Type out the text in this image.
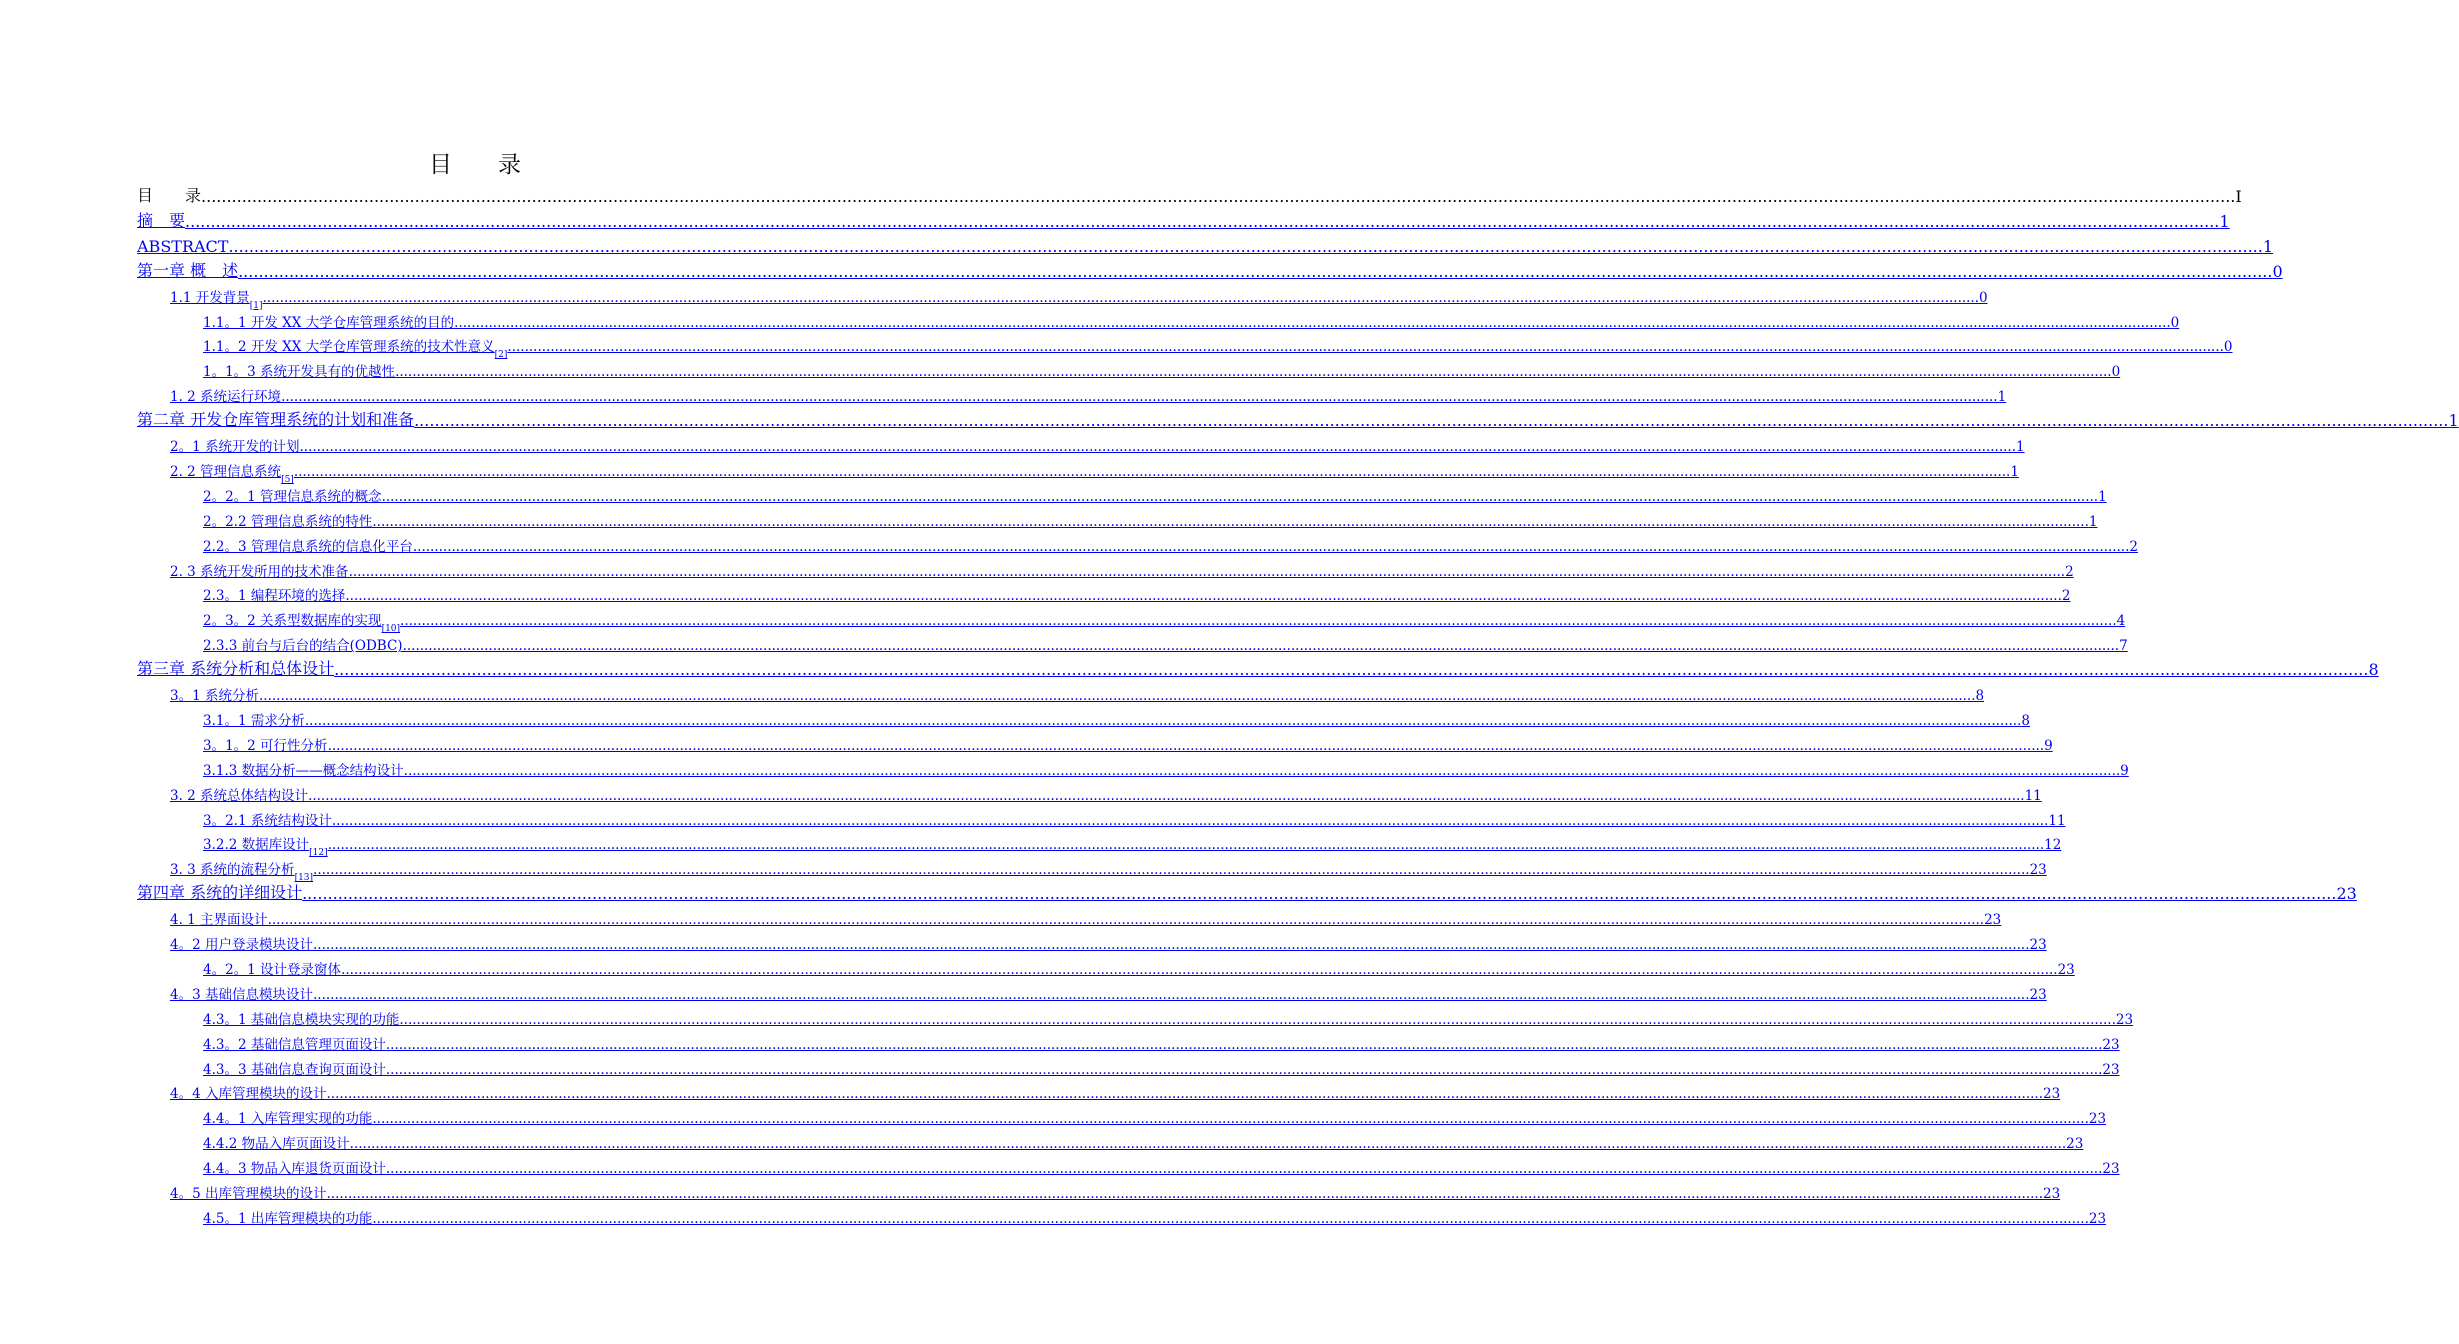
目　　录
目　　录 ................................................................................................................................................................................................................................................................................................................................................................................................................ I
摘　要 ................................................................................................................................................................................................................................................................................................................................................................................................................ 1
ABSTRACT ................................................................................................................................................................................................................................................................................................................................................................................................................ 1
第一章 概　述 ................................................................................................................................................................................................................................................................................................................................................................................................................ 0
1.1 开发背景 [1] ................................................................................................................................................................................................................................................................................................................................................................................................................ 0
1.1。1 开发 XX 大学仓库管理系统的目的 ................................................................................................................................................................................................................................................................................................................................................................................................................ 0
1.1。2 开发 XX 大学仓库管理系统的技术性意义 [2] ................................................................................................................................................................................................................................................................................................................................................................................................................ 0
1。1。3 系统开发具有的优越性 ................................................................................................................................................................................................................................................................................................................................................................................................................ 0
1. 2 系统运行环境 ................................................................................................................................................................................................................................................................................................................................................................................................................ 1
第二章 开发仓库管理系统的计划和准备 ................................................................................................................................................................................................................................................................................................................................................................................................................ 1
2。1 系统开发的计划 ................................................................................................................................................................................................................................................................................................................................................................................................................ 1
2. 2 管理信息系统 [5] ................................................................................................................................................................................................................................................................................................................................................................................................................ 1
2。2。1 管理信息系统的概念 ................................................................................................................................................................................................................................................................................................................................................................................................................ 1
2。2.2 管理信息系统的特性 ................................................................................................................................................................................................................................................................................................................................................................................................................ 1
2.2。3 管理信息系统的信息化平台 ................................................................................................................................................................................................................................................................................................................................................................................................................ 2
2. 3 系统开发所用的技术准备 ................................................................................................................................................................................................................................................................................................................................................................................................................ 2
2.3。1 编程环境的选择 ................................................................................................................................................................................................................................................................................................................................................................................................................ 2
2。3。2 关系型数据库的实现 [10] ................................................................................................................................................................................................................................................................................................................................................................................................................ 4
2.3.3 前台与后台的结合(ODBC) ................................................................................................................................................................................................................................................................................................................................................................................................................ 7
第三章 系统分析和总体设计 ................................................................................................................................................................................................................................................................................................................................................................................................................ 8
3。1 系统分析 ................................................................................................................................................................................................................................................................................................................................................................................................................ 8
3.1。1 需求分析 ................................................................................................................................................................................................................................................................................................................................................................................................................ 8
3。1。2 可行性分析 ................................................................................................................................................................................................................................................................................................................................................................................................................ 9
3.1.3 数据分析——概念结构设计 ................................................................................................................................................................................................................................................................................................................................................................................................................ 9
3. 2 系统总体结构设计 ................................................................................................................................................................................................................................................................................................................................................................................................................ 11
3。2.1 系统结构设计 ................................................................................................................................................................................................................................................................................................................................................................................................................ 11
3.2.2 数据库设计 [12] ................................................................................................................................................................................................................................................................................................................................................................................................................ 12
3. 3 系统的流程分析 [13] ................................................................................................................................................................................................................................................................................................................................................................................................................ 23
第四章 系统的详细设计 ................................................................................................................................................................................................................................................................................................................................................................................................................ 23
4. 1 主界面设计 ................................................................................................................................................................................................................................................................................................................................................................................................................ 23
4。2 用户登录模块设计 ................................................................................................................................................................................................................................................................................................................................................................................................................ 23
4。2。1 设计登录窗体 ................................................................................................................................................................................................................................................................................................................................................................................................................ 23
4。3 基础信息模块设计 ................................................................................................................................................................................................................................................................................................................................................................................................................ 23
4.3。1 基础信息模块实现的功能 ................................................................................................................................................................................................................................................................................................................................................................................................................ 23
4.3。2 基础信息管理页面设计 ................................................................................................................................................................................................................................................................................................................................................................................................................ 23
4.3。3 基础信息查询页面设计 ................................................................................................................................................................................................................................................................................................................................................................................................................ 23
4。4 入库管理模块的设计 ................................................................................................................................................................................................................................................................................................................................................................................................................ 23
4.4。1 入库管理实现的功能 ................................................................................................................................................................................................................................................................................................................................................................................................................ 23
4.4.2 物品入库页面设计 ................................................................................................................................................................................................................................................................................................................................................................................................................ 23
4.4。3 物品入库退货页面设计 ................................................................................................................................................................................................................................................................................................................................................................................................................ 23
4。5 出库管理模块的设计 ................................................................................................................................................................................................................................................................................................................................................................................................................ 23
4.5。1 出库管理模块的功能 ................................................................................................................................................................................................................................................................................................................................................................................................................ 23
